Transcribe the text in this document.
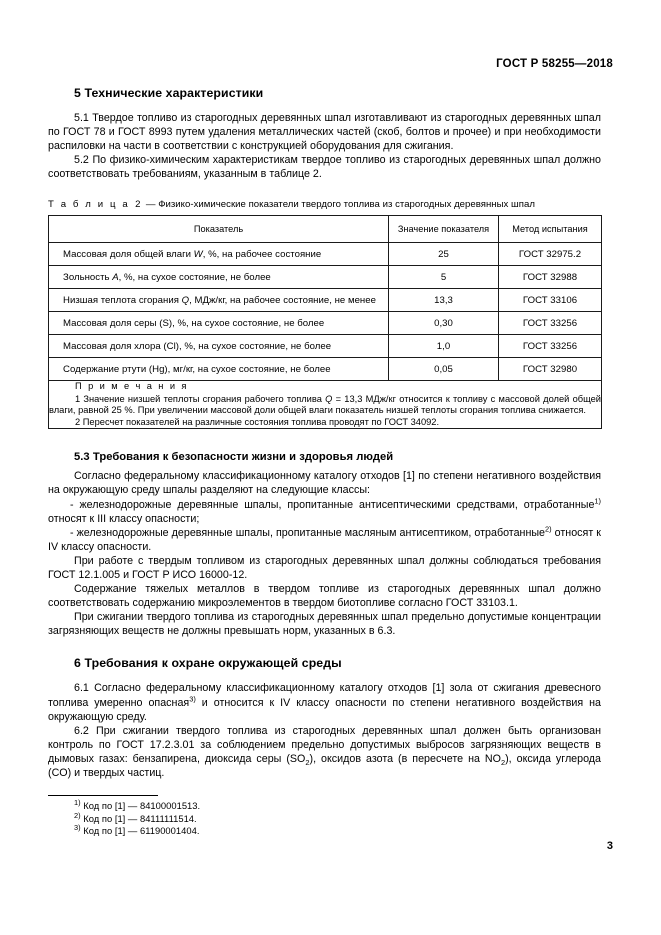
ГОСТ Р 58255—2018
5 Технические характеристики

5.1 Твердое топливо из старогодных деревянных шпал изготавливают из старогодных деревянных шпал по ГОСТ 78 и ГОСТ 8993 путем удаления металлических частей (скоб, болтов и прочее) и при необходимости распиловки на части в соответствии с конструкцией оборудования для сжигания.

5.2 По физико-химическим характеристикам твердое топливо из старогодных деревянных шпал должно соответствовать требованиям, указанным в таблице 2.

Т а б л и ц а 2 — Физико-химические показатели твердого топлива из старогодных деревянных шпал

Показатель	Значение показателя	Метод испытания
Массовая доля общей влаги W, %, на рабочее состояние	25	ГОСТ 32975.2
Зольность A, %, на сухое состояние, не более	5	ГОСТ 32988
Низшая теплота сгорания Q, МДж/кг, на рабочее состояние, не менее	13,3	ГОСТ 33106
Массовая доля серы (S), %, на сухое состояние, не более	0,30	ГОСТ 33256
Массовая доля хлора (Cl), %, на сухое состояние, не более	1,0	ГОСТ 33256
Содержание ртути (Hg), мг/кг, на сухое состояние, не более	0,05	ГОСТ 32980

П р и м е ч а н и я
1 Значение низшей теплоты сгорания рабочего топлива Q = 13,3 МДж/кг относится к топливу с массовой долей общей влаги, равной 25 %. При увеличении массовой доли общей влаги показатель низшей теплоты сгорания топлива снижается.
2 Пересчет показателей на различные состояния топлива проводят по ГОСТ 34092.		
5.3 Требования к безопасности жизни и здоровья людей

Согласно федеральному классификационному каталогу отходов [1] по степени негативного воздействия на окружающую среду шпалы разделяют на следующие классы:

- железнодорожные деревянные шпалы, пропитанные антисептическими средствами, отработанные$^{1)}$ относят к III классу опасности;

- железнодорожные деревянные шпалы, пропитанные масляным антисептиком, отработанные$^{2)}$ относят к IV классу опасности.

При работе с твердым топливом из старогодных деревянных шпал должны соблюдаться требования ГОСТ 12.1.005 и ГОСТ Р ИСО 16000-12.

Содержание тяжелых металлов в твердом топливе из старогодных деревянных шпал должно соответствовать содержанию микроэлементов в твердом биотопливе согласно ГОСТ 33103.1.

При сжигании твердого топлива из старогодных деревянных шпал предельно допустимые концентрации загрязняющих веществ не должны превышать норм, указанных в 6.3.

6 Требования к охране окружающей среды

6.1 Согласно федеральному классификационному каталогу отходов [1] зола от сжигания древесного топлива умеренно опасная$^{3)}$ и относится к IV классу опасности по степени негативного воздействия на окружающую среду.

6.2 При сжигании твердого топлива из старогодных деревянных шпал должен быть организован контроль по ГОСТ 17.2.3.01 за соблюдением предельно допустимых выбросов загрязняющих веществ в дымовых газах: бензапирена, диоксида серы $(SO_2)$, оксидов азота (в пересчете на $NO_2$), оксида углерода (CO) и твердых частиц.

$^{1)}$ Код по [1] — 84100001513.

$^{2)}$ Код по [1] — 84111111514.

$^{3)}$ Код по [1] — 61190001404.

3
